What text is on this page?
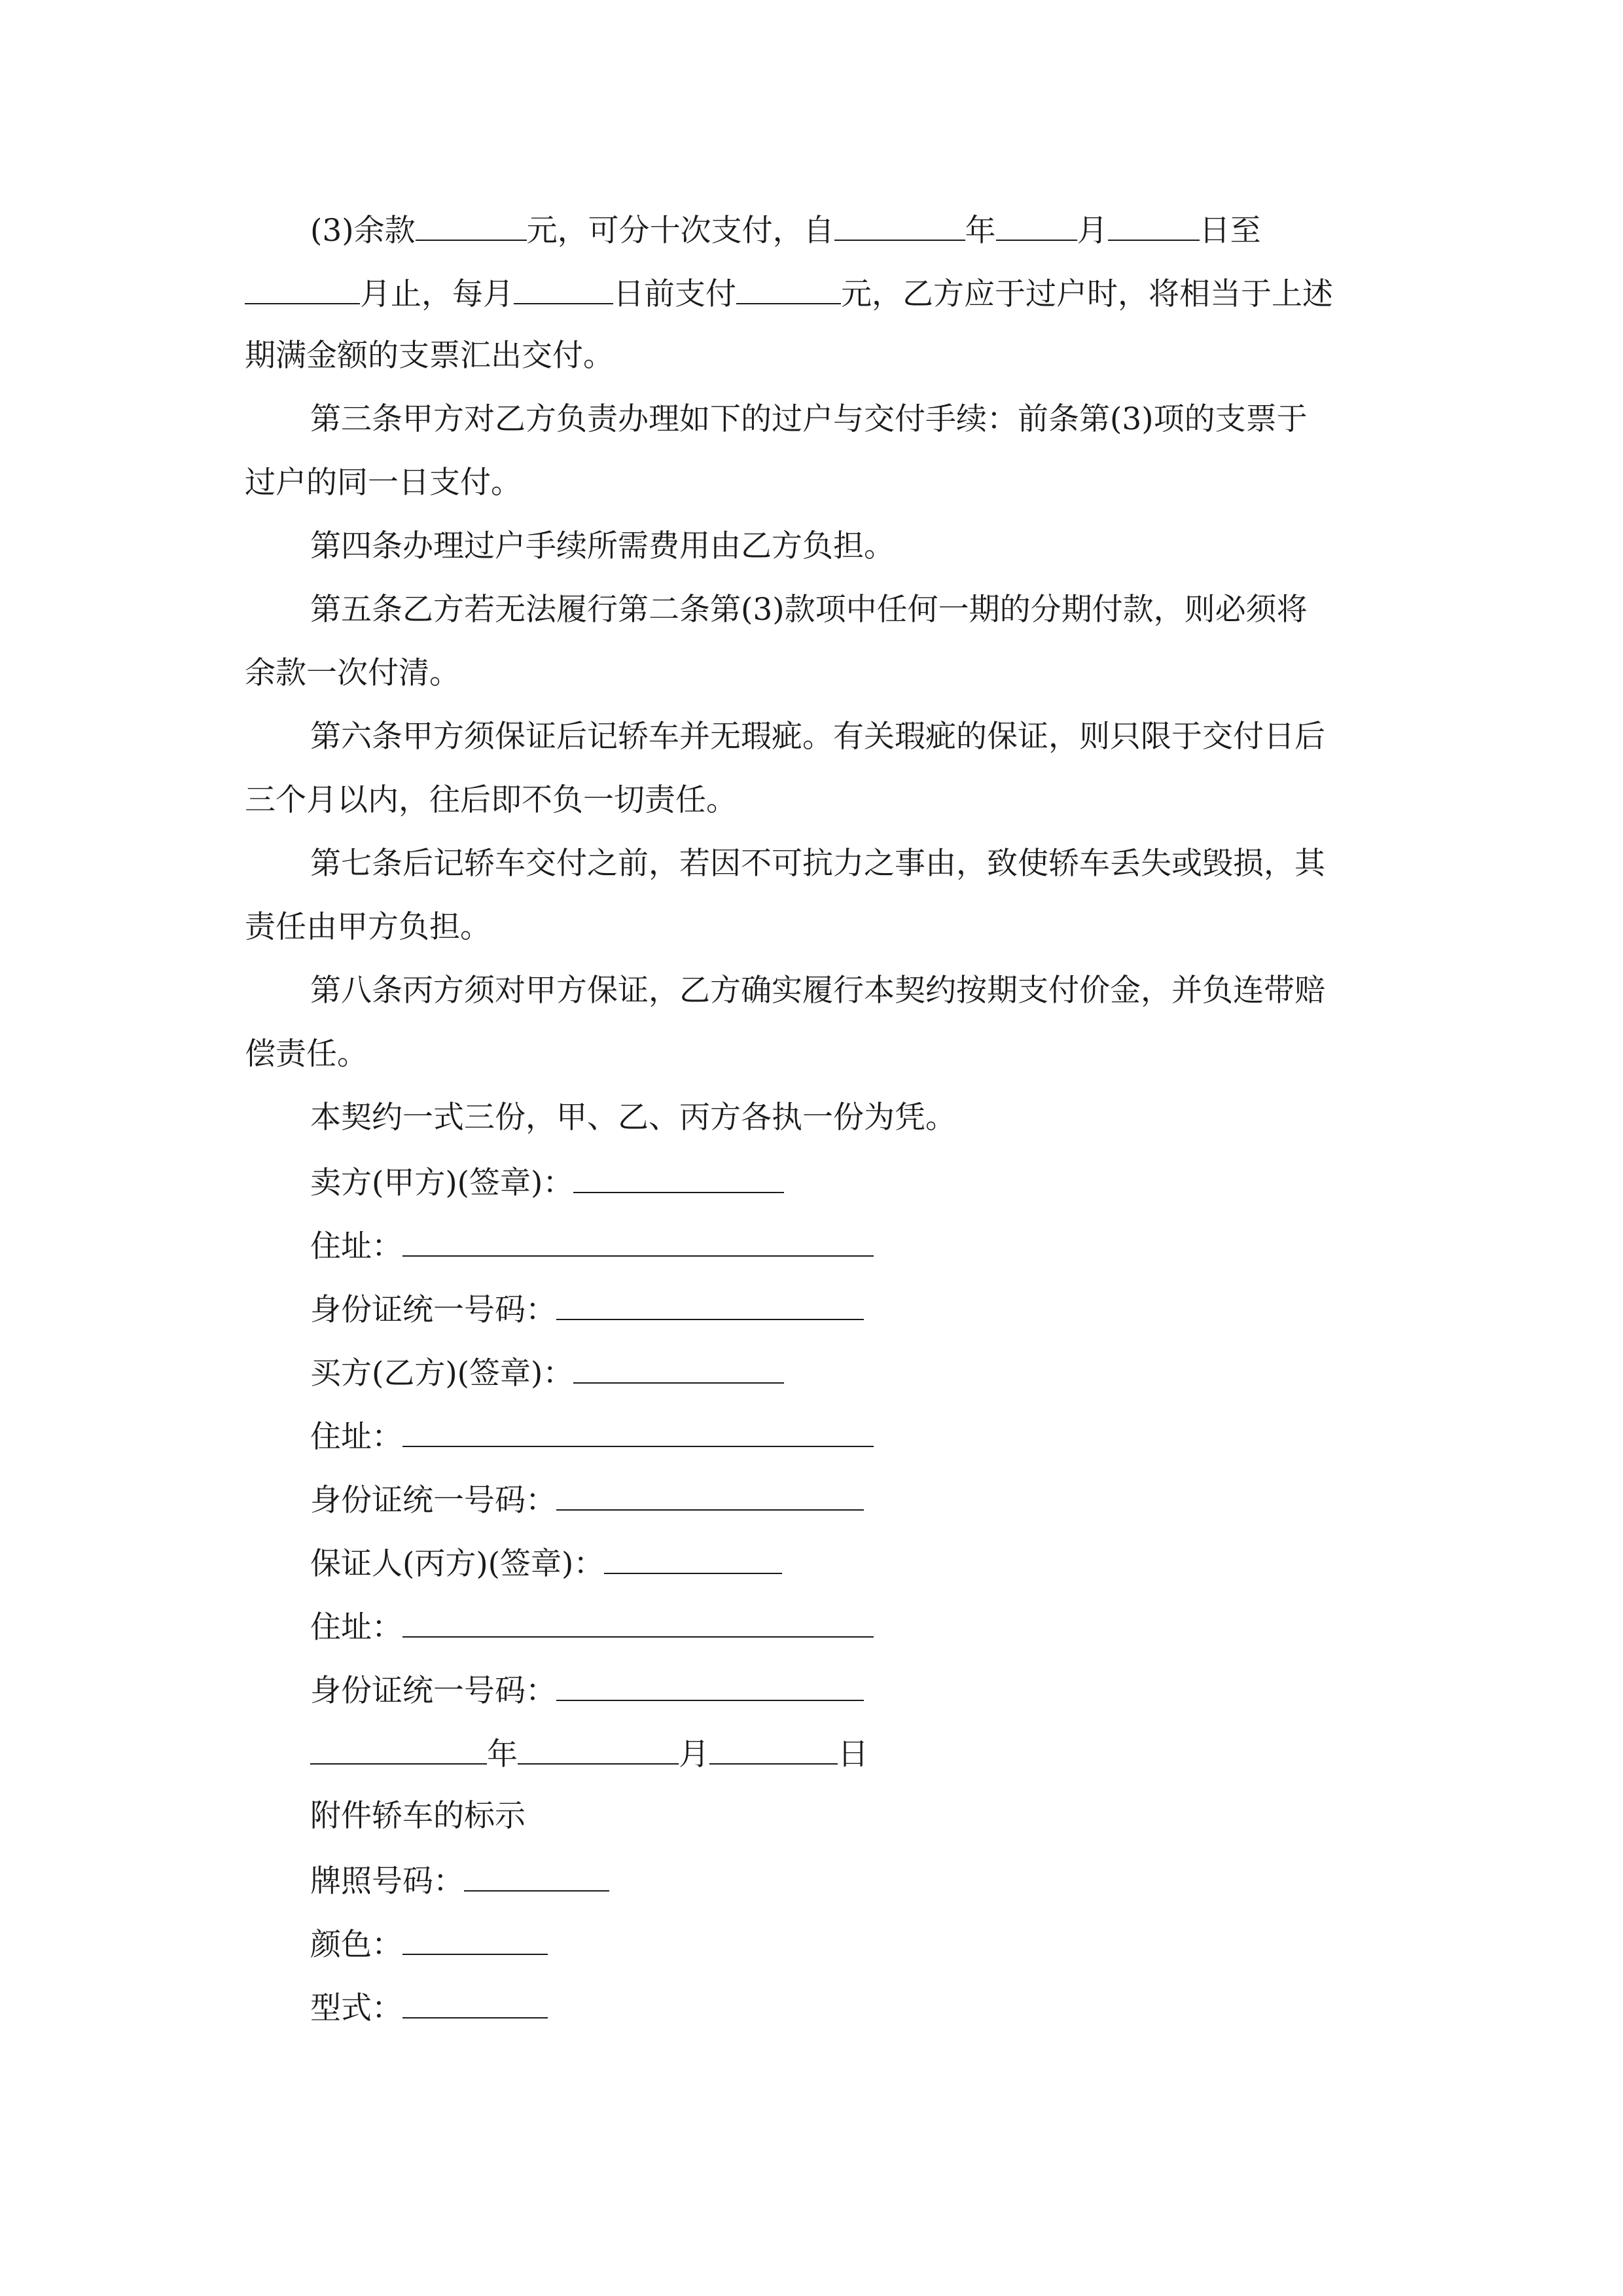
(3)余款	元，可分十次支付，自	年	月	日至
月止，每月	日前支付	元，乙方应于过户时，将相当于上述
期满金额的支票汇出交付。
第三条甲方对乙方负责办理如下的过户与交付手续：前条第(3)项的支票于
过户的同一日支付。
第四条办理过户手续所需费用由乙方负担。
第五条乙方若无法履行第二条第(3)款项中任何一期的分期付款，则必须将
余款一次付清。
第六条甲方须保证后记轿车并无瑕疵。有关瑕疵的保证，则只限于交付日后
三个月以内，往后即不负一切责任。
第七条后记轿车交付之前，若因不可抗力之事由，致使轿车丢失或毁损，其
责任由甲方负担。
第八条丙方须对甲方保证，乙方确实履行本契约按期支付价金，并负连带赔
偿责任。
本契约一式三份，甲、乙、丙方各执一份为凭。
卖方(甲方)(签章)：
住址：
身份证统一号码：
买方(乙方)(签章)：
住址：
身份证统一号码：
保证人(丙方)(签章)：
住址：
身份证统一号码：
年	月	日
附件轿车的标示
牌照号码：
颜色：
型式：
